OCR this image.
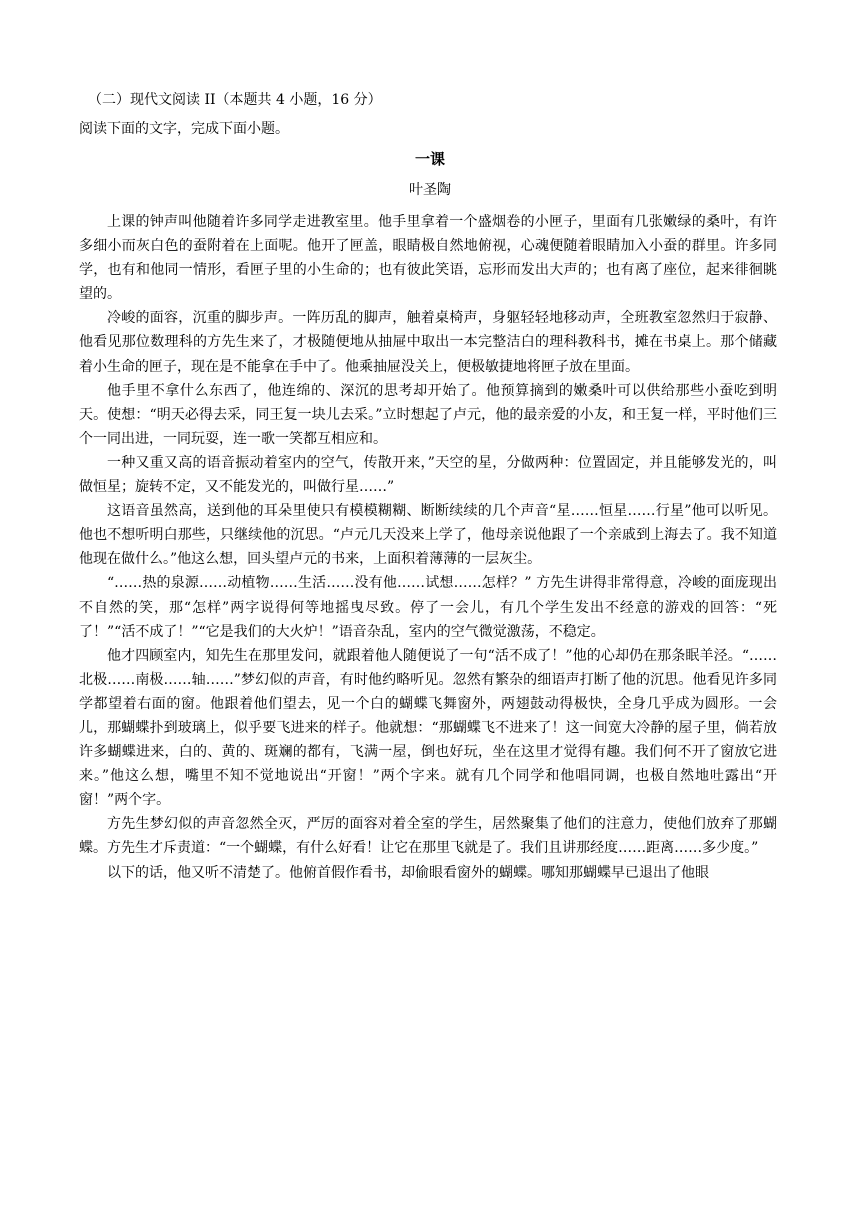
（二）现代文阅读 II（本题共 4 小题，16 分）
阅读下面的文字，完成下面小题。
一课
叶圣陶

上课的钟声叫他随着许多同学走进教室里。他手里拿着一个盛烟卷的小匣子，里面有几张嫩绿的桑叶，有许多细小而灰白色的蚕附着在上面呢。他开了匣盖，眼睛极自然地俯视，心魂便随着眼睛加入小蚕的群里。许多同学，也有和他同一情形，看匣子里的小生命的；也有彼此笑语，忘形而发出大声的；也有离了座位，起来徘徊眺望的。

冷峻的面容，沉重的脚步声。一阵历乱的脚声，触着桌椅声，身躯轻轻地移动声，全班教室忽然归于寂静、他看见那位数理科的方先生来了，才极随便地从抽屉中取出一本完整洁白的理科教科书，摊在书桌上。那个储藏着小生命的匣子，现在是不能拿在手中了。他乘抽屉没关上，便极敏捷地将匣子放在里面。

他手里不拿什么东西了，他连绵的、深沉的思考却开始了。他预算摘到的嫩桑叶可以供给那些小蚕吃到明天。使想：“明天必得去采，同王复一块儿去采。”立时想起了卢元，他的最亲爱的小友，和王复一样，平时他们三个一同出进，一同玩耍，连一歌一笑都互相应和。

一种又重又高的语音振动着室内的空气，传散开来，”天空的星，分做两种：位置固定，并且能够发光的，叫做恒星；旋转不定，又不能发光的，叫做行星……”

这语音虽然高，送到他的耳朵里使只有模模糊糊、断断续续的几个声音“星……恒星……行星”他可以听见。他也不想听明白那些，只继续他的沉思。“卢元几天没来上学了，他母亲说他跟了一个亲戚到上海去了。我不知道他现在做什么。”他这么想，回头望卢元的书来，上面积着薄薄的一层灰尘。

“……热的泉源……动植物……生活……没有他……试想……怎样？” 方先生讲得非常得意，冷峻的面庞现出不自然的笑，那“怎样”两字说得何等地摇曳尽致。停了一会儿，有几个学生发出不经意的游戏的回答：“死了！”“活不成了！”“它是我们的大火炉！”语音杂乱，室内的空气微觉激荡，不稳定。

他才四顾室内，知先生在那里发问，就跟着他人随便说了一句“活不成了！”他的心却仍在那条眠羊泾。“……北极……南极……轴……”梦幻似的声音，有时他约略听见。忽然有繁杂的细语声打断了他的沉思。他看见许多同学都望着右面的窗。他跟着他们望去，见一个白的蝴蝶飞舞窗外，两翅鼓动得极快，全身几乎成为圆形。一会儿，那蝴蝶扑到玻璃上，似乎要飞进来的样子。他就想：“那蝴蝶飞不进来了！这一间宽大冷静的屋子里，倘若放许多蝴蝶进来，白的、黄的、斑斓的都有，飞满一屋，倒也好玩，坐在这里才觉得有趣。我们何不开了窗放它进来。”他这么想，嘴里不知不觉地说出“开窗！”两个字来。就有几个同学和他唱同调，也极自然地吐露出“开窗！”两个字。

方先生梦幻似的声音忽然全灭，严厉的面容对着全室的学生，居然聚集了他们的注意力，使他们放弃了那蝴蝶。方先生才斥责道：“一个蝴蝶，有什么好看！让它在那里飞就是了。我们且讲那经度……距离……多少度。”

以下的话，他又听不清楚了。他俯首假作看书，却偷眼看窗外的蝴蝶。哪知那蝴蝶早已退出了他眼
